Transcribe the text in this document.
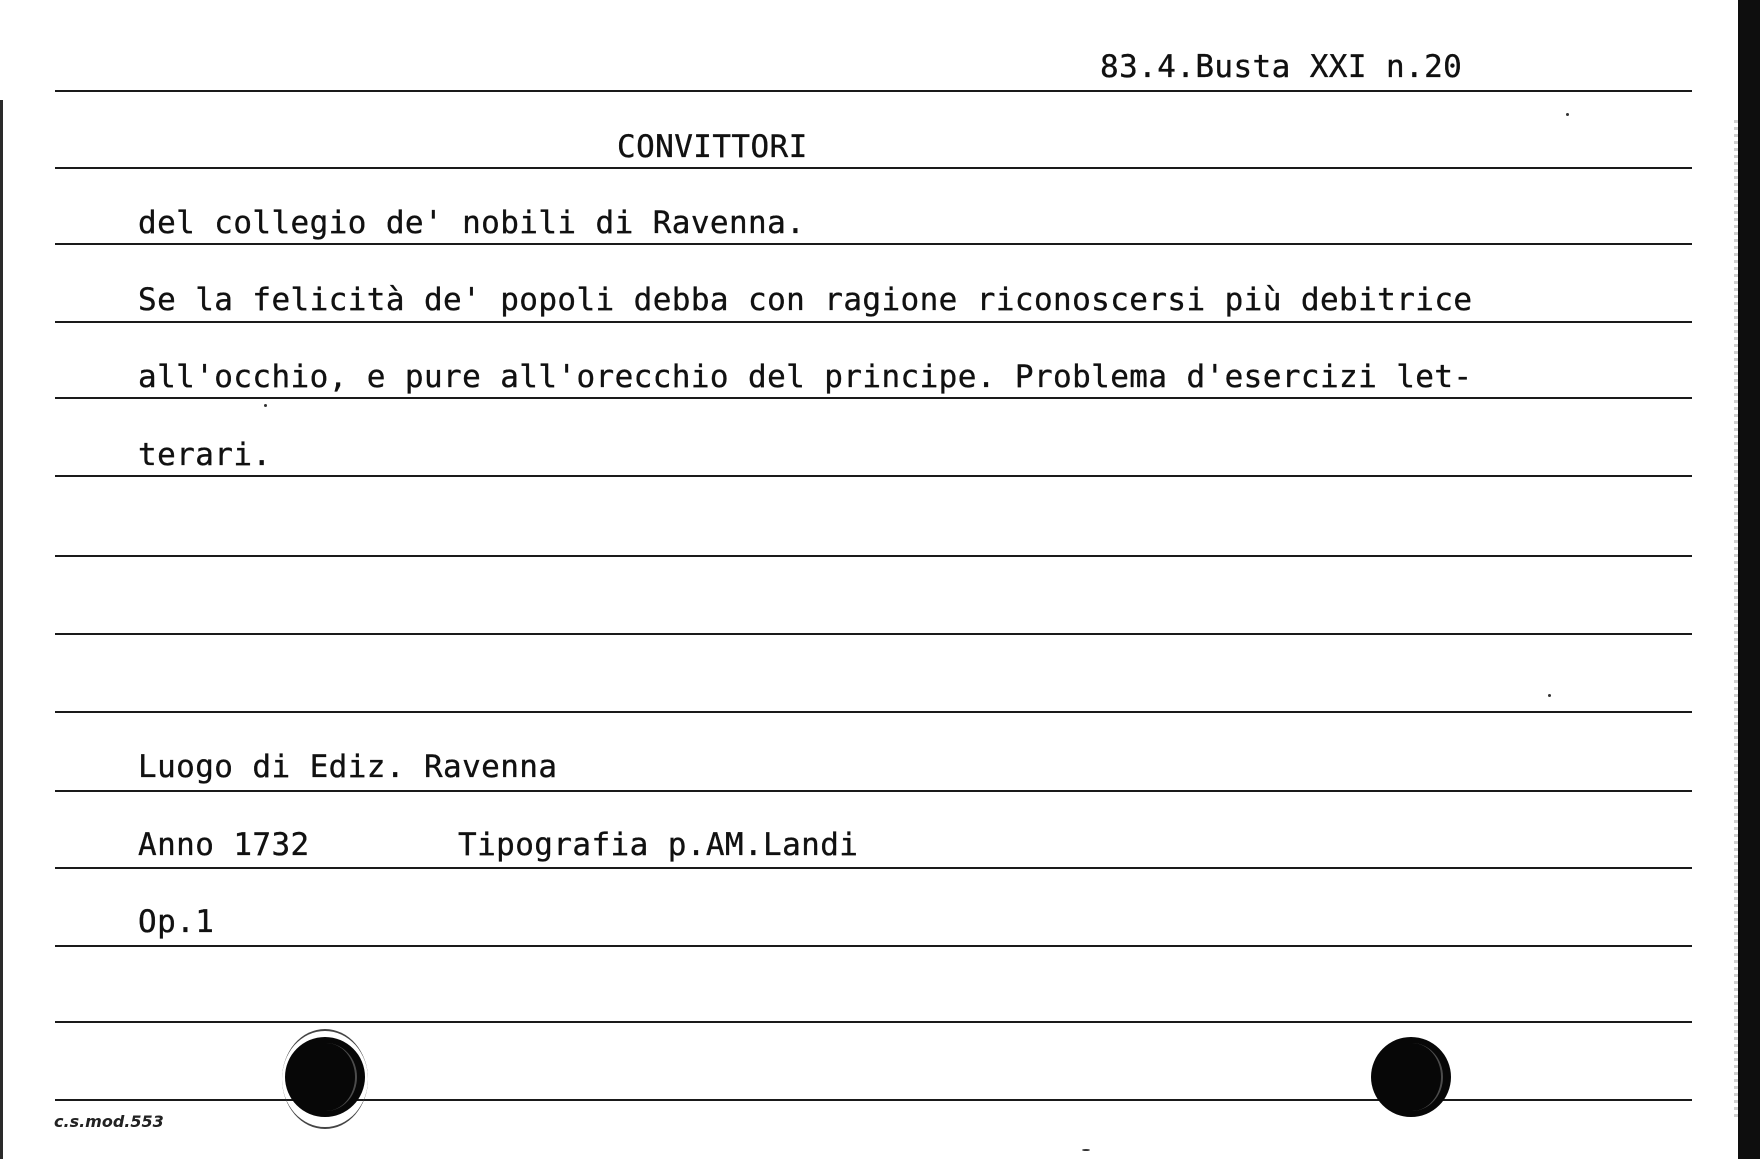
83.4.Busta XXI n.20
CONVITTORI
del collegio de' nobili di Ravenna.
Se la felicità de' popoli debba con ragione riconoscersi più debitrice
all'occhio, e pure all'orecchio del principe. Problema d'esercizi let-
terari.
Luogo di Ediz. Ravenna
Anno 1732	Tipografia p.AM.Landi
Op.1
c.s.mod.553
